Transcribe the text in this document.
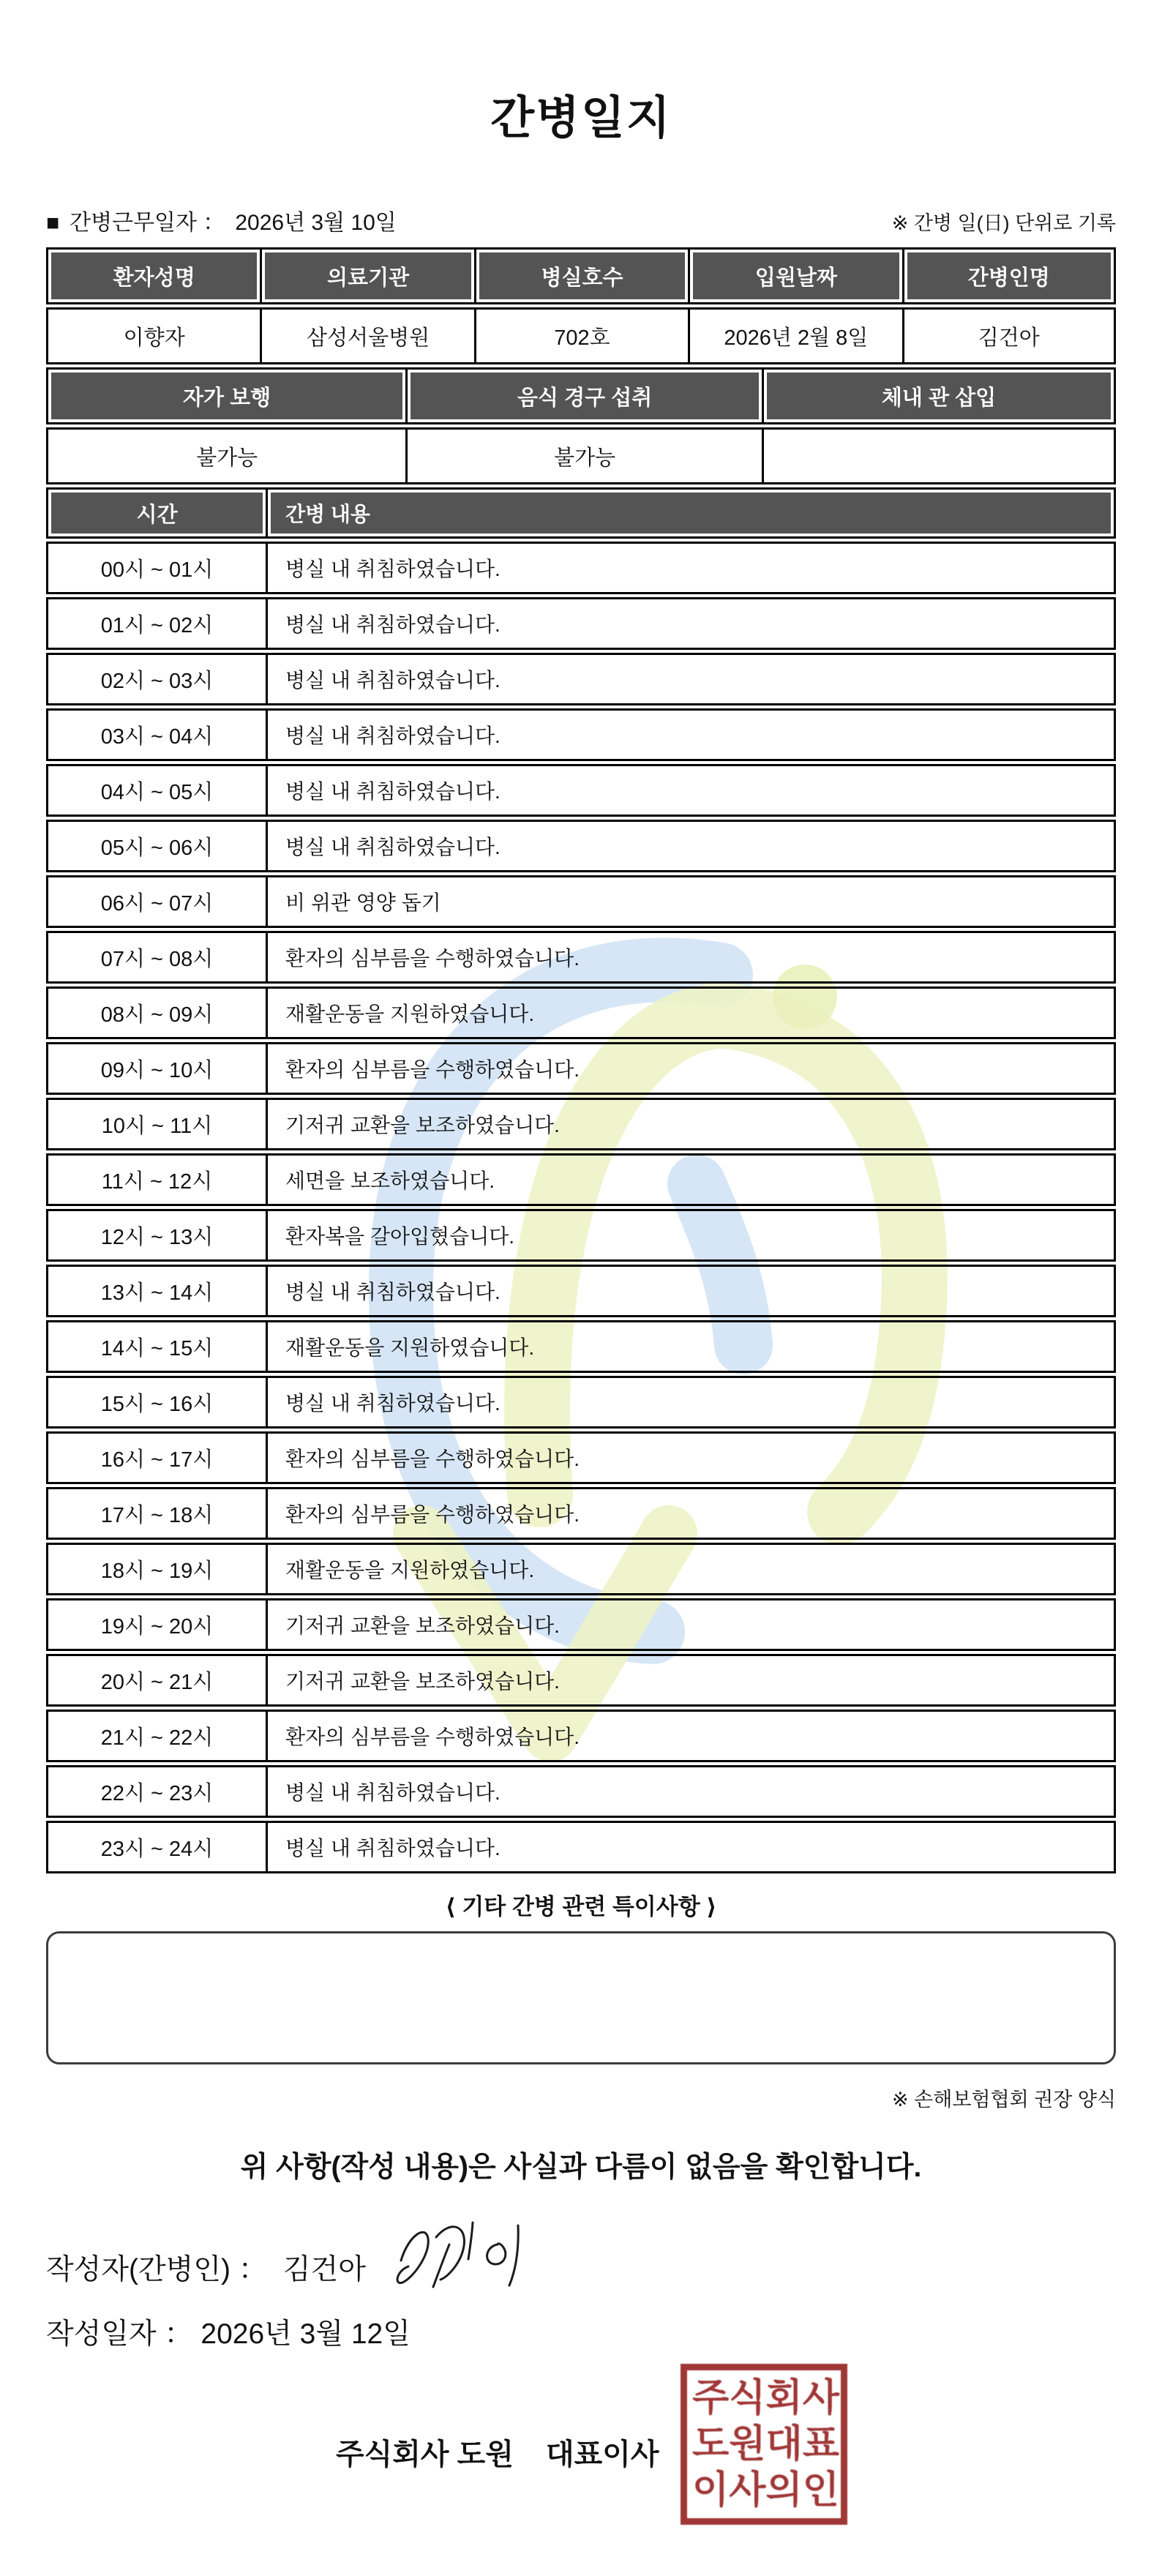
간병일지
■ 간병근무일자 ： 2026년 3월 10일	※ 간병 일(日) 단위로 기록
환자성명	의료기관	병실호수	입원날짜	간병인명
이향자	삼성서울병원	702호	2026년 2월 8일	김건아
자가 보행	음식 경구 섭취	체내 관 삽입
불가능	불가능
시간	간병 내용
00시 ~ 01시	병실 내 취침하였습니다.
01시 ~ 02시	병실 내 취침하였습니다.
02시 ~ 03시	병실 내 취침하였습니다.
03시 ~ 04시	병실 내 취침하였습니다.
04시 ~ 05시	병실 내 취침하였습니다.
05시 ~ 06시	병실 내 취침하였습니다.
06시 ~ 07시	비 위관 영양 돕기
07시 ~ 08시	환자의 심부름을 수행하였습니다.
08시 ~ 09시	재활운동을 지원하였습니다.
09시 ~ 10시	환자의 심부름을 수행하였습니다.
10시 ~ 11시	기저귀 교환을 보조하였습니다.
11시 ~ 12시	세면을 보조하였습니다.
12시 ~ 13시	환자복을 갈아입혔습니다.
13시 ~ 14시	병실 내 취침하였습니다.
14시 ~ 15시	재활운동을 지원하였습니다.
15시 ~ 16시	병실 내 취침하였습니다.
16시 ~ 17시	환자의 심부름을 수행하였습니다.
17시 ~ 18시	환자의 심부름을 수행하였습니다.
18시 ~ 19시	재활운동을 지원하였습니다.
19시 ~ 20시	기저귀 교환을 보조하였습니다.
20시 ~ 21시	기저귀 교환을 보조하였습니다.
21시 ~ 22시	환자의 심부름을 수행하였습니다.
22시 ~ 23시	병실 내 취침하였습니다.
23시 ~ 24시	병실 내 취침하였습니다.
⟨ 기타 간병 관련 특이사항 ⟩
※ 손해보험협회 권장 양식
위 사항(작성 내용)은 사실과 다름이 없음을 확인합니다.
작성자(간병인) ： 김건아
작성일자 ： 2026년 3월 12일
주식회사 도원 대표이사
주 식 회 사
도 원 대 표
이 사 의 인
